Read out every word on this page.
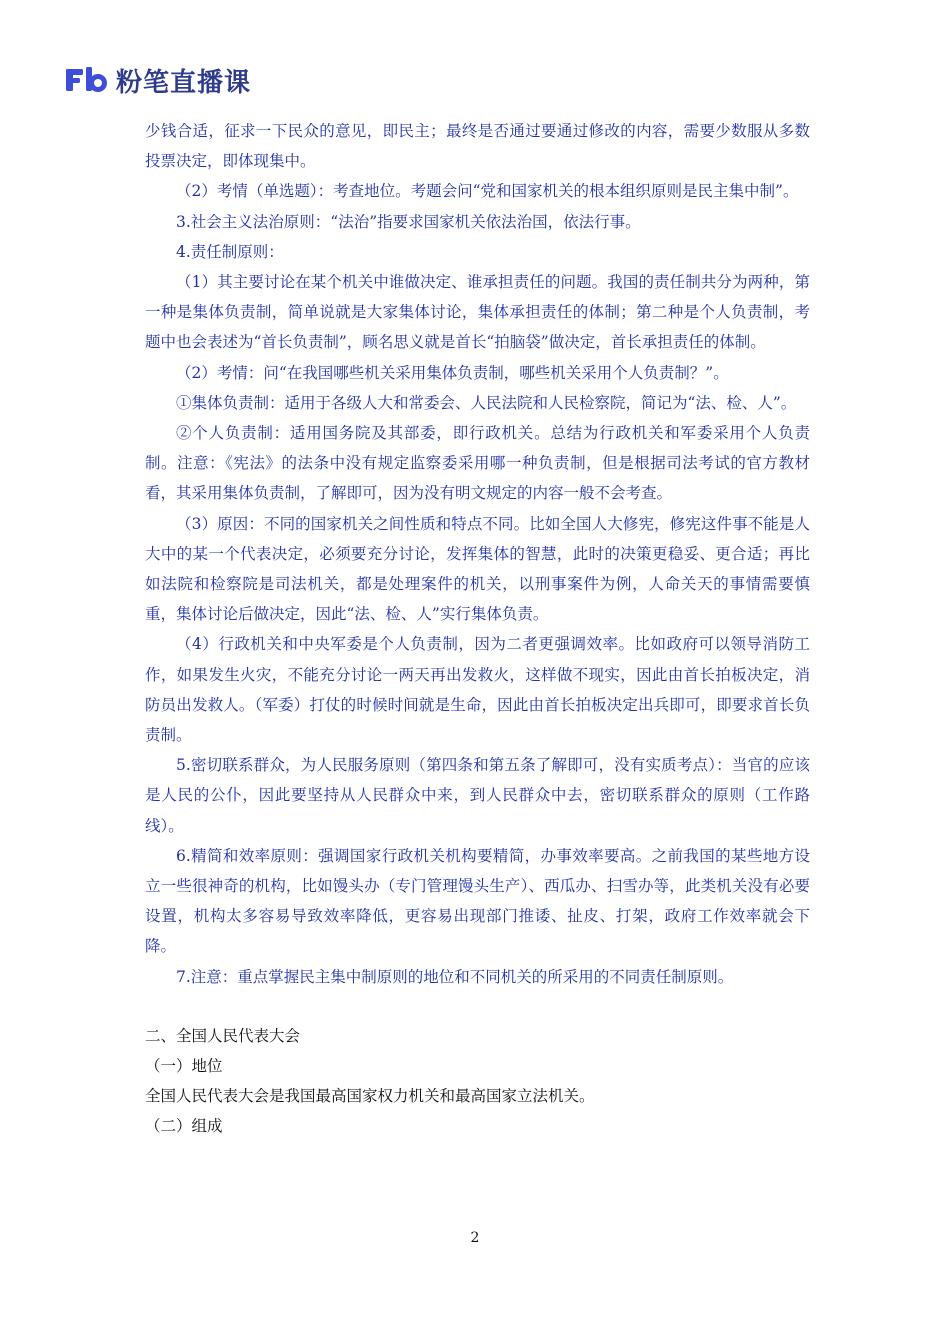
粉笔直播课

少钱合适，征求一下民众的意见，即民主；最终是否通过要通过修改的内容，需要少数服从多数投票决定，即体现集中。

（2）考情（单选题）：考查地位。考题会问“党和国家机关的根本组织原则是民主集中制”。

3.社会主义法治原则：“法治”指要求国家机关依法治国，依法行事。

4.责任制原则：

（1）其主要讨论在某个机关中谁做决定、谁承担责任的问题。我国的责任制共分为两种，第一种是集体负责制，简单说就是大家集体讨论，集体承担责任的体制；第二种是个人负责制，考题中也会表述为“首长负责制”，顾名思义就是首长“拍脑袋”做决定，首长承担责任的体制。

（2）考情：问“在我国哪些机关采用集体负责制，哪些机关采用个人负责制？”。

①集体负责制：适用于各级人大和常委会、人民法院和人民检察院，简记为“法、检、人”。

②个人负责制：适用国务院及其部委，即行政机关。总结为行政机关和军委采用个人负责制。注意：《宪法》的法条中没有规定监察委采用哪一种负责制，但是根据司法考试的官方教材看，其采用集体负责制，了解即可，因为没有明文规定的内容一般不会考查。

（3）原因：不同的国家机关之间性质和特点不同。比如全国人大修宪，修宪这件事不能是人大中的某一个代表决定，必须要充分讨论，发挥集体的智慧，此时的决策更稳妥、更合适；再比如法院和检察院是司法机关，都是处理案件的机关，以刑事案件为例，人命关天的事情需要慎重，集体讨论后做决定，因此“法、检、人”实行集体负责。

（4）行政机关和中央军委是个人负责制，因为二者更强调效率。比如政府可以领导消防工作，如果发生火灾，不能充分讨论一两天再出发救火，这样做不现实，因此由首长拍板决定，消防员出发救人。（军委）打仗的时候时间就是生命，因此由首长拍板决定出兵即可，即要求首长负责制。

5.密切联系群众，为人民服务原则（第四条和第五条了解即可，没有实质考点）：当官的应该是人民的公仆，因此要坚持从人民群众中来，到人民群众中去，密切联系群众的原则（工作路线）。

6.精简和效率原则：强调国家行政机关机构要精简，办事效率要高。之前我国的某些地方设立一些很神奇的机构，比如馒头办（专门管理馒头生产）、西瓜办、扫雪办等，此类机关没有必要设置，机构太多容易导致效率降低，更容易出现部门推诿、扯皮、打架，政府工作效率就会下降。

7.注意：重点掌握民主集中制原则的地位和不同机关的所采用的不同责任制原则。

二、全国人民代表大会

（一）地位

全国人民代表大会是我国最高国家权力机关和最高国家立法机关。

（二）组成

2
